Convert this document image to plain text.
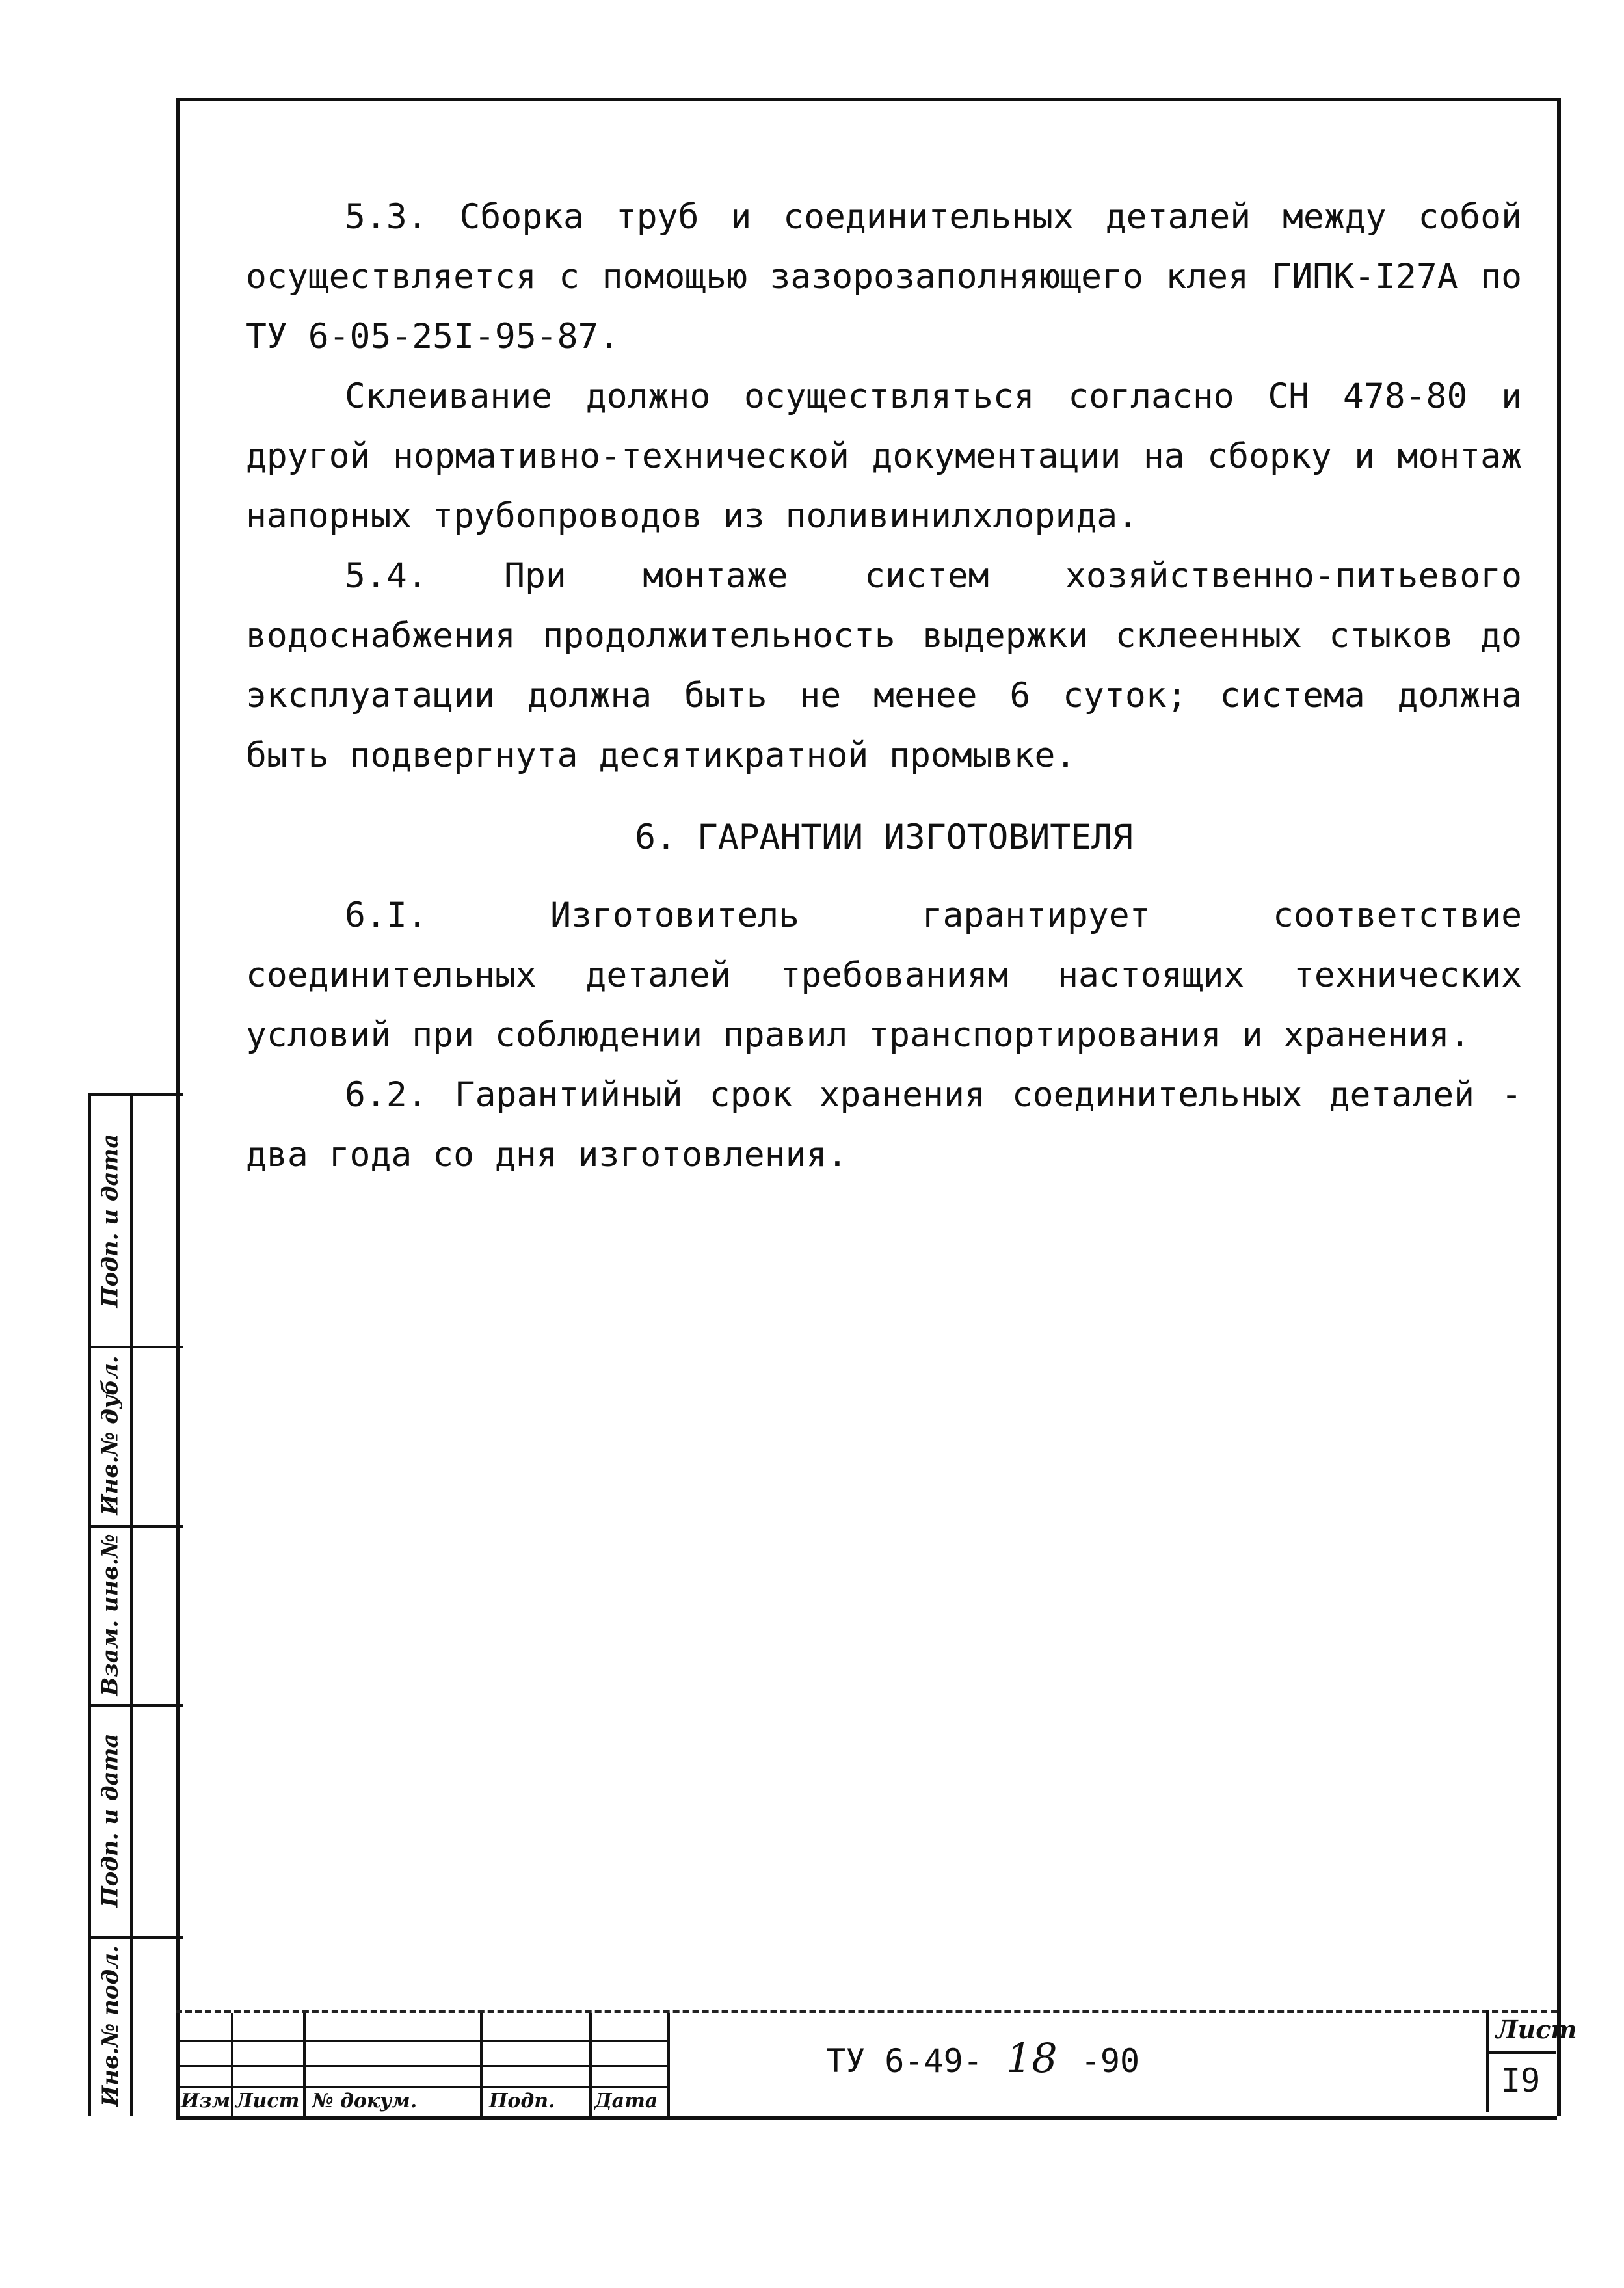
5.3. Сборка труб и соединительных деталей между собой осуществляется с помощью зазорозаполняющего клея ГИПК-I27А по ТУ 6-05-25I-95-87.

Склеивание должно осуществляться согласно СН 478-80 и другой нормативно-технической документации на сборку и монтаж напорных трубопроводов из поливинилхлорида.

5.4. При монтаже систем хозяйственно-питьевого водоснабжения продолжительность выдержки склеенных стыков до эксплуатации должна быть не менее 6 суток; система должна быть подвергнута десятикратной промывке.

6. ГАРАНТИИ ИЗГОТОВИТЕЛЯ

6.I. Изготовитель гарантирует соответствие соединительных деталей требованиям настоящих технических условий при соблюдении правил транспортирования и хранения.

6.2. Гарантийный срок хранения соединительных деталей - два года со дня изготовления.

Подп. и дата
Инв.№ дубл.
Взам. инв.№
Подп. и дата
Инв.№ подл.	Изм Лист № докум.	Подп. Дата
ТУ 6-49- 18 -90
Лист
I9
